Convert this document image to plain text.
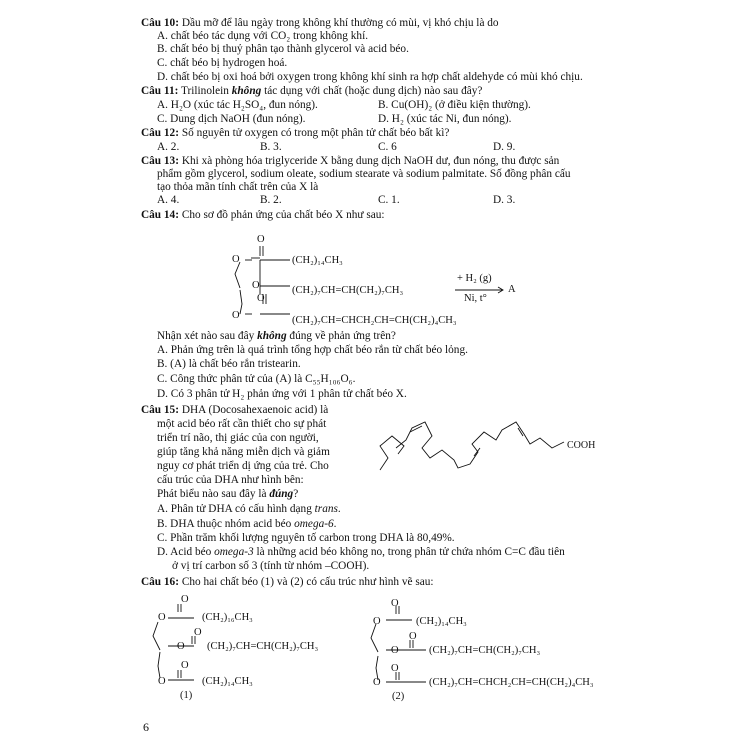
Câu 10: Dầu mỡ để lâu ngày trong không khí thường có mùi, vị khó chịu là do
A. chất béo tác dụng với CO₂ trong không khí.
B. chất béo bị thuỷ phân tạo thành glycerol và acid béo.
C. chất béo bị hydrogen hoá.
D. chất béo bị oxi hoá bởi oxygen trong không khí sinh ra hợp chất aldehyde có mùi khó chịu.
Câu 11: Trilinolein không tác dụng với chất (hoặc dung dịch) nào sau đây?
A. H₂O (xúc tác H₂SO₄, đun nóng).	B. Cu(OH)₂ (ở điều kiện thường).
C. Dung dịch NaOH (đun nóng).	D. H₂ (xúc tác Ni, đun nóng).
Câu 12: Số nguyên tử oxygen có trong một phân tử chất béo bất kì?
A. 2.	B. 3.	C. 6	D. 9.
Câu 13: Khi xà phòng hóa triglyceride X bằng dung dịch NaOH dư, đun nóng, thu được sản
phẩm gồm glycerol, sodium oleate, sodium stearate và sodium palmitate. Số đồng phân cấu
tạo thỏa mãn tính chất trên của X là
A. 4.	B. 2.	C. 1.	D. 3.
Câu 14: Cho sơ đồ phản ứng của chất béo X như sau:
O
O	(CH₂)₁₄CH₃
O	(CH₂)₇CH=CH(CH₂)₇CH₃
O
O	(CH₂)₇CH=CHCH₂CH=CH(CH₂)₄CH₃
+ H₂ (g)
Ni, t°
A
Nhận xét nào sau đây không đúng về phản ứng trên?
A. Phản ứng trên là quá trình tổng hợp chất béo rắn từ chất béo lỏng.
B. (A) là chất béo rắn tristearin.
C. Công thức phân tử của (A) là C₅₅H₁₀₆O₆.
D. Có 3 phân tử H₂ phản ứng với 1 phân tử chất béo X.
Câu 15: DHA (Docosahexaenoic acid) là
một acid béo rất cần thiết cho sự phát
triển trí não, thị giác của con người,
giúp tăng khả năng miễn dịch và giảm
nguy cơ phát triển dị ứng của trẻ. Cho
cấu trúc của DHA như hình bên:
COOH
Phát biểu nào sau đây là đúng?
A. Phân tử DHA có cấu hình dạng trans.
B. DHA thuộc nhóm acid béo omega-6.
C. Phần trăm khối lượng nguyên tố carbon trong DHA là 80,49%.
D. Acid béo omega-3 là những acid béo không no, trong phân tử chứa nhóm C=C đầu tiên
ở vị trí carbon số 3 (tính từ nhóm –COOH).
Câu 16: Cho hai chất béo (1) và (2) có cấu trúc như hình vẽ sau:
O
O	(CH₂)₁₆CH₃
O
O (CH₂)₇CH=CH(CH₂)₇CH₃
O
O	(CH₂)₁₄CH₃
(1)
O
O	(CH₂)₁₄CH₃
O
O	(CH₂)₇CH=CH(CH₂)₇CH₃
O
O	(CH₂)₇CH=CHCH₂CH=CH(CH₂)₄CH₃
(2)
6
